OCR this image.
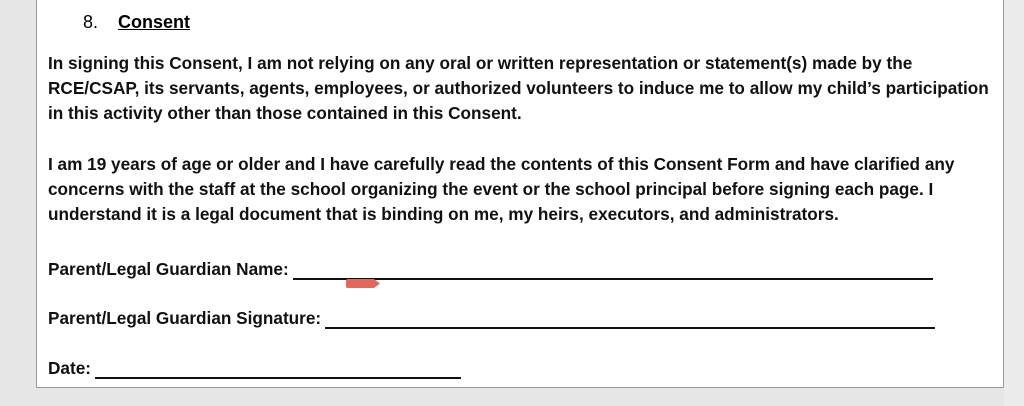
8. Consent

In signing this Consent, I am not relying on any oral or written representation or statement(s) made by the RCE/CSAP, its servants, agents, employees, or authorized volunteers to induce me to allow my child’s participation in this activity other than those contained in this Consent.

I am 19 years of age or older and I have carefully read the contents of this Consent Form and have clarified any concerns with the staff at the school organizing the event or the school principal before signing each page. I understand it is a legal document that is binding on me, my heirs, executors, and administrators.

Parent/Legal Guardian Name:
Parent/Legal Guardian Signature:
Date:
